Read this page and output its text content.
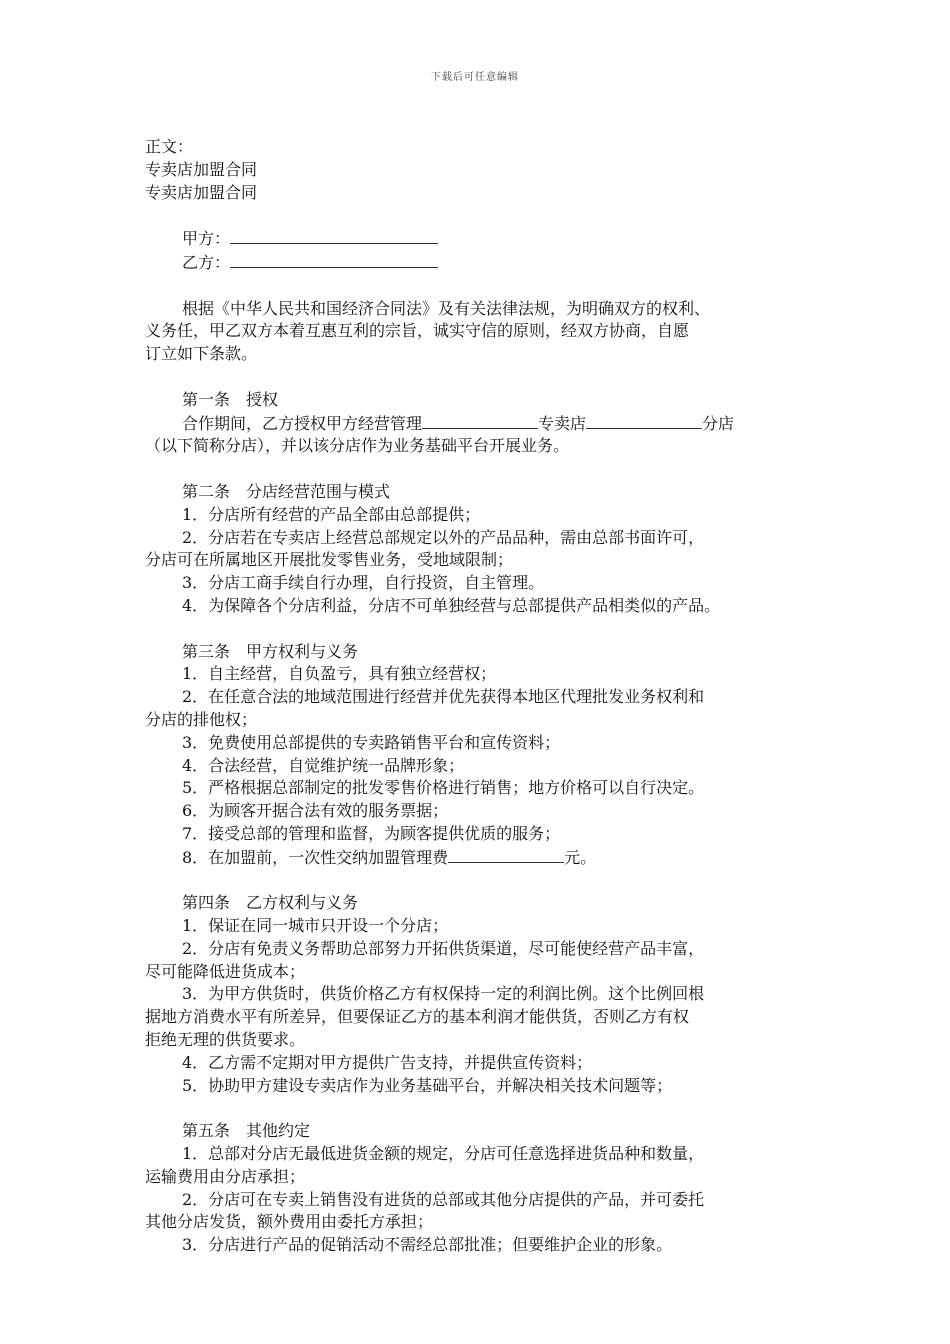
下载后可任意编辑
正文：
专卖店加盟合同
专卖店加盟合同
甲方：
乙方：
根据《中华人民共和国经济合同法》及有关法律法规，为明确双方的权利、
义务任，甲乙双方本着互惠互利的宗旨，诚实守信的原则，经双方协商，自愿
订立如下条款。
第一条　授权
合作期间，乙方授权甲方经营管理	专卖店	分店
（以下简称分店），并以该分店作为业务基础平台开展业务。
第二条　分店经营范围与模式
1．分店所有经营的产品全部由总部提供；
2．分店若在专卖店上经营总部规定以外的产品品种，需由总部书面许可，
分店可在所属地区开展批发零售业务，受地域限制；
3．分店工商手续自行办理，自行投资，自主管理。
4．为保障各个分店利益，分店不可单独经营与总部提供产品相类似的产品。
第三条　甲方权利与义务
1．自主经营，自负盈亏，具有独立经营权；
2．在任意合法的地域范围进行经营并优先获得本地区代理批发业务权利和
分店的排他权；
3．免费使用总部提供的专卖路销售平台和宣传资料；
4．合法经营，自觉维护统一品牌形象；
5．严格根据总部制定的批发零售价格进行销售；地方价格可以自行决定。
6．为顾客开据合法有效的服务票据；
7．接受总部的管理和监督，为顾客提供优质的服务；
8．在加盟前，一次性交纳加盟管理费	元。
第四条　乙方权利与义务
1．保证在同一城市只开设一个分店；
2．分店有免责义务帮助总部努力开拓供货渠道，尽可能使经营产品丰富，
尽可能降低进货成本；
3．为甲方供货时，供货价格乙方有权保持一定的利润比例。这个比例回根
据地方消费水平有所差异，但要保证乙方的基本利润才能供货，否则乙方有权
拒绝无理的供货要求。
4．乙方需不定期对甲方提供广告支持，并提供宣传资料；
5．协助甲方建设专卖店作为业务基础平台，并解决相关技术问题等；
第五条　其他约定
1．总部对分店无最低进货金额的规定，分店可任意选择进货品种和数量，
运输费用由分店承担；
2．分店可在专卖上销售没有进货的总部或其他分店提供的产品，并可委托
其他分店发货，额外费用由委托方承担；
3．分店进行产品的促销活动不需经总部批准；但要维护企业的形象。
